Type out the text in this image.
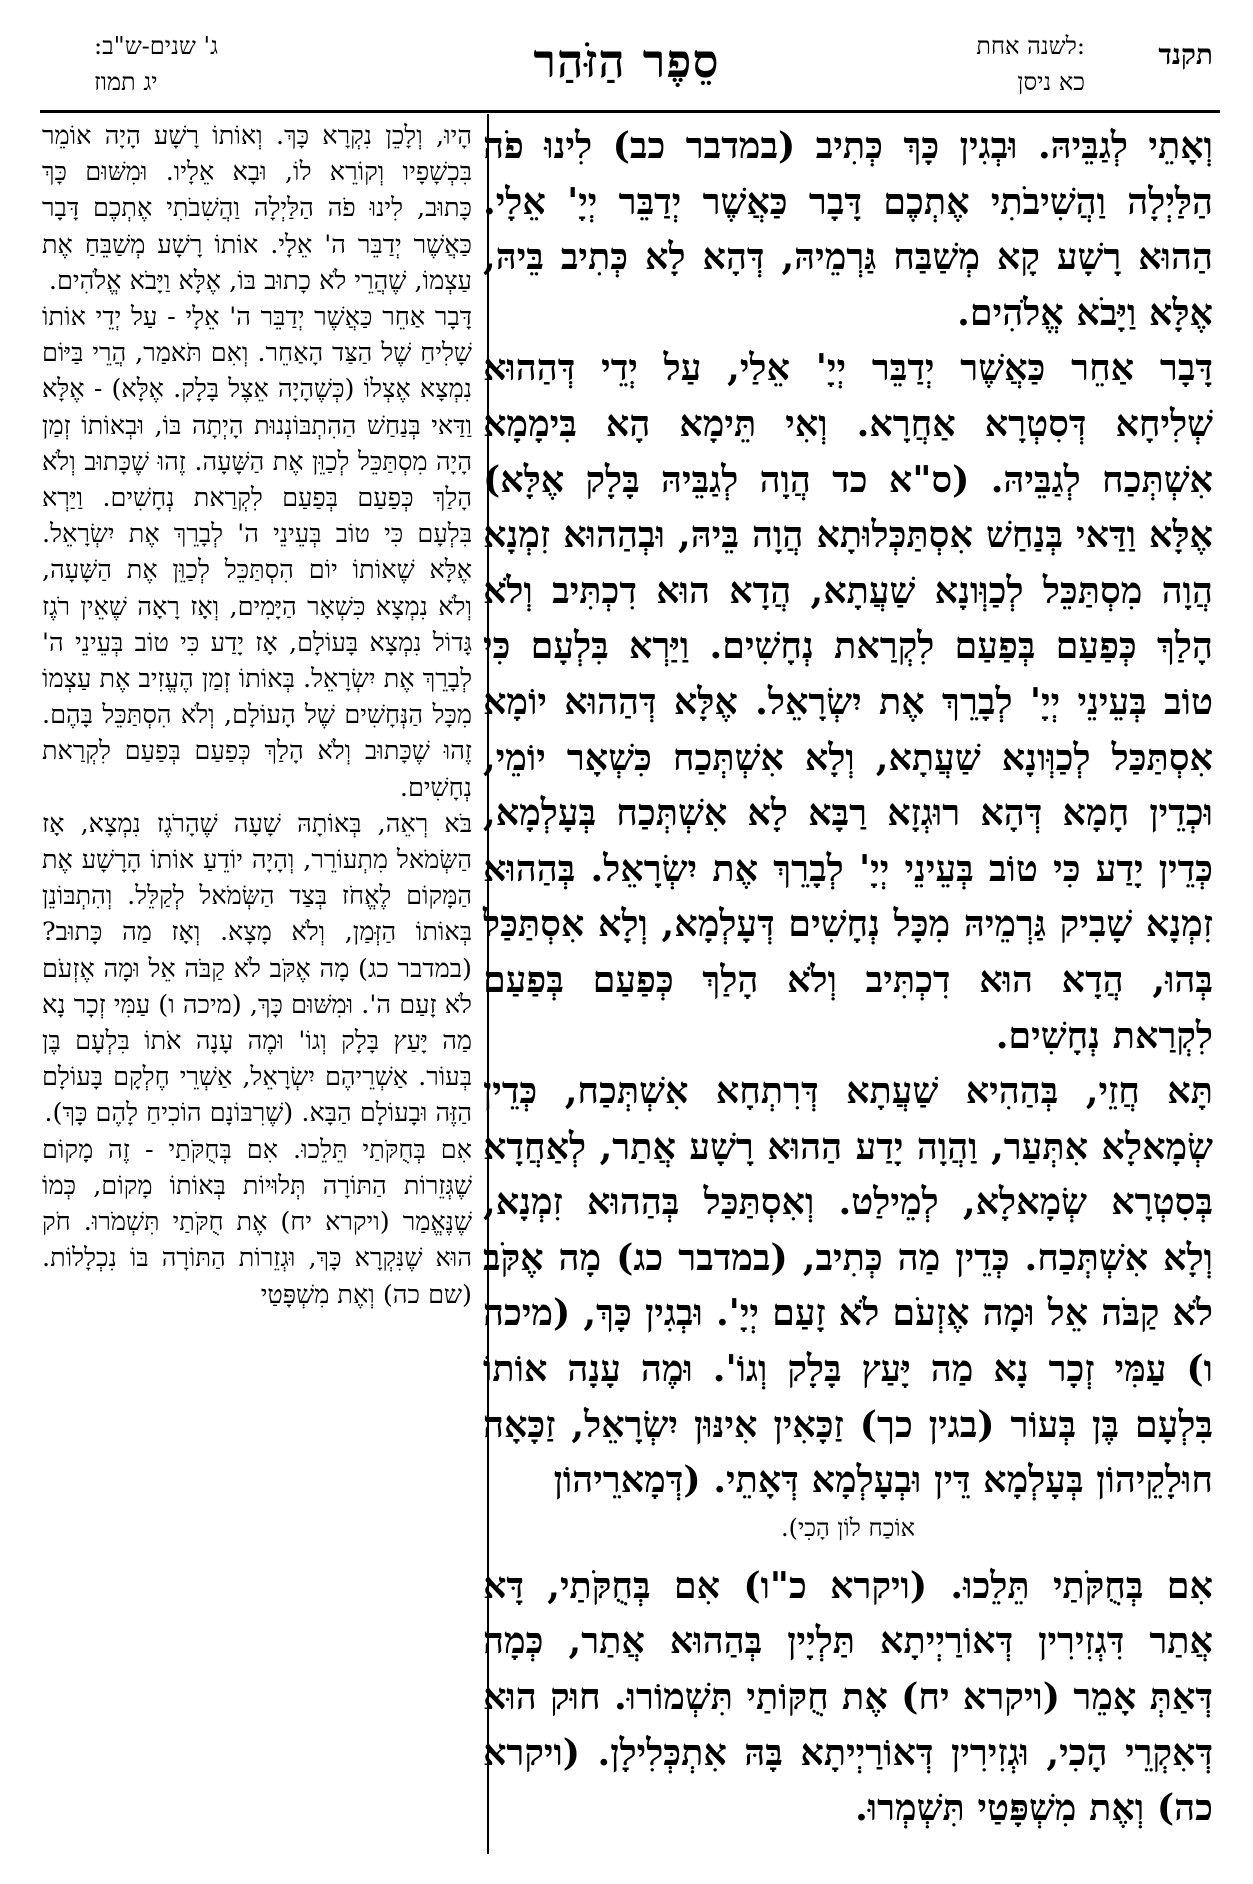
תקנד
לשנה אחת:
כא ניסן
סֵפֶר הַזֹּהַר
ג' שנים-ש"ב:
יג תמוז

וְאָתֵי לְגַבֵּיהּ. וּבְגִין כָּךְ כְּתִיב (במדבר כב) לִינוּ פֹה הַלַּיְלָה וַהֲשִׁיבֹתִי אֶתְכֶם דָּבָר כַּאֲשֶׁר יְדַבֵּר יְיָ' אֵלָי. הַהוּא רָשָׁע קָא מְשַׁבַּח גַּרְמֵיהּ, דְּהָא לָא כְּתִיב בֵּיהּ, אֶלָּא וַיָּבֹא אֱלֹהִים.

דָּבָר אַחֵר כַּאֲשֶׁר יְדַבֵּר יְיָ' אֵלַי, עַל יְדֵי דְּהַהוּא שְׁלִיחָא דְּסִטְרָא אַחֲרָא. וְאִי תֵּימָא הָא בִּימָמָא אִשְׁתְּכַח לְגַבֵּיהּ. (ס"א כד הֲוָה לְגַבֵּיהּ בָּלָק אֶלָּא) אֶלָּא וַדַּאי בְּנַחַשׁ אִסְתַּכְּלוּתָא הֲוָה בֵּיהּ, וּבְהַהוּא זִמְנָא הֲוָה מִסְתַּכֵּל לְכַוְּונָא שַׁעֲתָא, הֲדָא הוּא דִכְתִּיב וְלֹא הָלַךְ כְּפַעַם בְּפַעַם לִקְרַאת נְחָשִׁים. וַיַּרְא בִּלְעָם כִּי טוֹב בְּעֵינֵי יְיָ' לְבָרֵךְ אֶת יִשְׂרָאֵל. אֶלָּא דְּהַהוּא יוֹמָא אִסְתַּכַּל לְכַוְּונָא שַׁעֲתָא, וְלָא אִשְׁתְּכַח כִּשְׁאָר יוֹמֵי, וּכְדֵין חָמָא דְּהָא רוּגְזָא רַבָּא לָא אִשְׁתְּכַח בְּעָלְמָא, כְּדֵין יָדַע כִּי טוֹב בְּעֵינֵי יְיָ' לְבָרֵךְ אֶת יִשְׂרָאֵל. בְּהַהוּא זִמְנָא שָׁבִיק גַּרְמֵיהּ מִכָּל נְחָשִׁים דְּעָלְמָא, וְלָא אִסְתַּכַּל בְּהוּ, הֲדָא הוּא דִכְתִּיב וְלֹא הָלַךְ כְּפַעַם בְּפַעַם לִקְרַאת נְחָשִׁים.

תָּא חֲזֵי, בְּהַהִיא שַׁעֲתָא דְּרִתְחָא אִשְׁתְּכַח, כְּדֵין שְׂמָאלָא אִתְּעַר, וַהֲוָה יָדַע הַהוּא רָשָׁע אֲתַר, לְאַחֲדָא בְּסִטְרָא שְׂמָאלָא, לְמֵילַט. וְאִסְתַּכַּל בְּהַהוּא זִמְנָא, וְלָא אִשְׁתְּכַח. כְּדֵין מַה כְּתִיב, (במדבר כג) מָה אֶקֹּב לֹא קַבֹּה אֵל וּמָה אֶזְעֹם לֹא זָעַם יְיָ'. וּבְגִין כָּךְ, (מיכה ו) עַמִּי זְכָר נָא מַה יָּעַץ בָּלָק וְגוֹ'. וּמֶה עָנָה אוֹתוֹ בִּלְעָם בֶּן בְּעוֹר (בגין כך) זַכָּאִין אִינּוּן יִשְׂרָאֵל, זַכָּאָה חוּלָקֵיהוֹן בְּעָלְמָא דֵּין וּבְעָלְמָא דְּאָתֵי. (דְּמָארֵיהוֹן

אוֹכַח לוֹן הָכִי).

אִם בְּחֻקֹּתַי תֵּלֵכוּ. (ויקרא כ"ו) אִם בְּחֻקֹּתַי, דָּא אֲתַר דִּגְזִירִין דְּאוֹרַיְיתָא תַּלְיָין בְּהַהוּא אֲתַר, כְּמָה דְּאַתְּ אָמֵר (ויקרא יח) אֶת חֻקּוֹתַי תִּשְׁמוֹרוּ. חוּק הוּא דְּאִקְרֵי הָכִי, וּגְזִירִין דְּאוֹרַיְיתָא בָּהּ אִתְכְּלִילָן. (ויקרא כה) וְאֶת מִשְׁפָּטַי תִּשְׁמְרוּ.

הָיוּ, וְלָכֵן נִקְרָא כָּךְ. וְאוֹתוֹ רָשָׁע הָיָה אוֹמֵר בִּכְשָׁפָיו וְקוֹרֵא לוֹ, וּבָא אֵלָיו. וּמִשּׁוּם כָּךְ כָּתוּב, לִינוּ פֹה הַלַּיְלָה וַהֲשִׁבֹתִי אֶתְכֶם דָּבָר כַּאֲשֶׁר יְדַבֵּר ה' אֵלָי. אוֹתוֹ רָשָׁע מְשַׁבֵּחַ אֶת עַצְמוֹ, שֶׁהֲרֵי לֹא כָתוּב בּוֹ, אֶלָּא וַיָּבֹא אֱלֹהִים.

דָּבָר אַחֵר כַּאֲשֶׁר יְדַבֵּר ה' אֵלָי - עַל יְדֵי אוֹתוֹ שָׁלִיחַ שֶׁל הַצַּד הָאַחֵר. וְאִם תֹּאמַר, הֲרֵי בַּיּוֹם נִמְצָא אֶצְלוֹ (כְּשֶׁהָיָה אֵצֶל בָּלָק. אֶלָּא) - אֶלָּא וַדַּאי בְּנַחַשׁ הַהִתְבּוֹנְנוּת הָיְתָה בּוֹ, וּבְאוֹתוֹ זְמַן הָיָה מִסְתַּכֵּל לְכַוֵּן אֶת הַשָּׁעָה. זֶהוּ שֶׁכָּתוּב וְלֹא הָלַךְ כְּפַעַם בְּפַעַם לִקְרַאת נְחָשִׁים. וַיַּרְא בִּלְעָם כִּי טוֹב בְּעֵינֵי ה' לְבָרֵךְ אֶת יִשְׂרָאֵל. אֶלָּא שֶׁאוֹתוֹ יוֹם הִסְתַּכֵּל לְכַוֵּן אֶת הַשָּׁעָה, וְלֹא נִמְצָא כִּשְׁאָר הַיָּמִים, וְאָז רָאָה שֶׁאֵין רֹגֶז גָּדוֹל נִמְצָא בָּעוֹלָם, אָז יָדַע כִּי טוֹב בְּעֵינֵי ה' לְבָרֵךְ אֶת יִשְׂרָאֵל. בְּאוֹתוֹ זְמַן הֶעֱזִיב אֶת עַצְמוֹ מִכָּל הַנְּחָשִׁים שֶׁל הָעוֹלָם, וְלֹא הִסְתַּכֵּל בָּהֶם. זֶהוּ שֶׁכָּתוּב וְלֹא הָלַךְ כְּפַעַם בְּפַעַם לִקְרַאת נְחָשִׁים.

בֹּא רְאֵה, בְּאוֹתָהּ שָׁעָה שֶׁהָרֹגֶז נִמְצָא, אָז הַשְּׂמֹאל מִתְעוֹרֵר, וְהָיָה יוֹדֵעַ אוֹתוֹ הָרָשָׁע אֶת הַמָּקוֹם לֶאֱחֹז בְּצַד הַשְּׂמֹאל לְקַלֵּל. וְהִתְבּוֹנֵן בְּאוֹתוֹ הַזְּמַן, וְלֹא מָצָא. וְאָז מַה כָּתוּב? (במדבר כג) מָה אֶקֹּב לֹא קַבֹּה אֵל וּמָה אֶזְעֹם לֹא זָעַם ה'. וּמִשּׁוּם כָּךְ, (מיכה ו) עַמִּי זְכָר נָא מַה יָּעַץ בָּלָק וְגוֹ' וּמֶה עָנָה אֹתוֹ בִּלְעָם בֶּן בְּעוֹר. אַשְׁרֵיהֶם יִשְׂרָאֵל, אַשְׁרֵי חֶלְקָם בָּעוֹלָם הַזֶּה וּבָעוֹלָם הַבָּא. (שֶׁרִבּוֹנָם הוֹכִיחַ לָהֶם כָּךְ).

אִם בְּחֻקֹּתַי תֵּלֵכוּ. אִם בְּחֻקֹּתַי - זֶה מָקוֹם שֶׁגְּזֵרוֹת הַתּוֹרָה תְּלוּיוֹת בְּאוֹתוֹ מָקוֹם, כְּמוֹ שֶׁנֶּאֱמַר (ויקרא יח) אֶת חֻקֹּתַי תִּשְׁמֹרוּ. חֹק הוּא שֶׁנִּקְרָא כָּךְ, וּגְזֵרוֹת הַתּוֹרָה בּוֹ נִכְלָלוֹת. (שם כה) וְאֶת מִשְׁפָּטַי
